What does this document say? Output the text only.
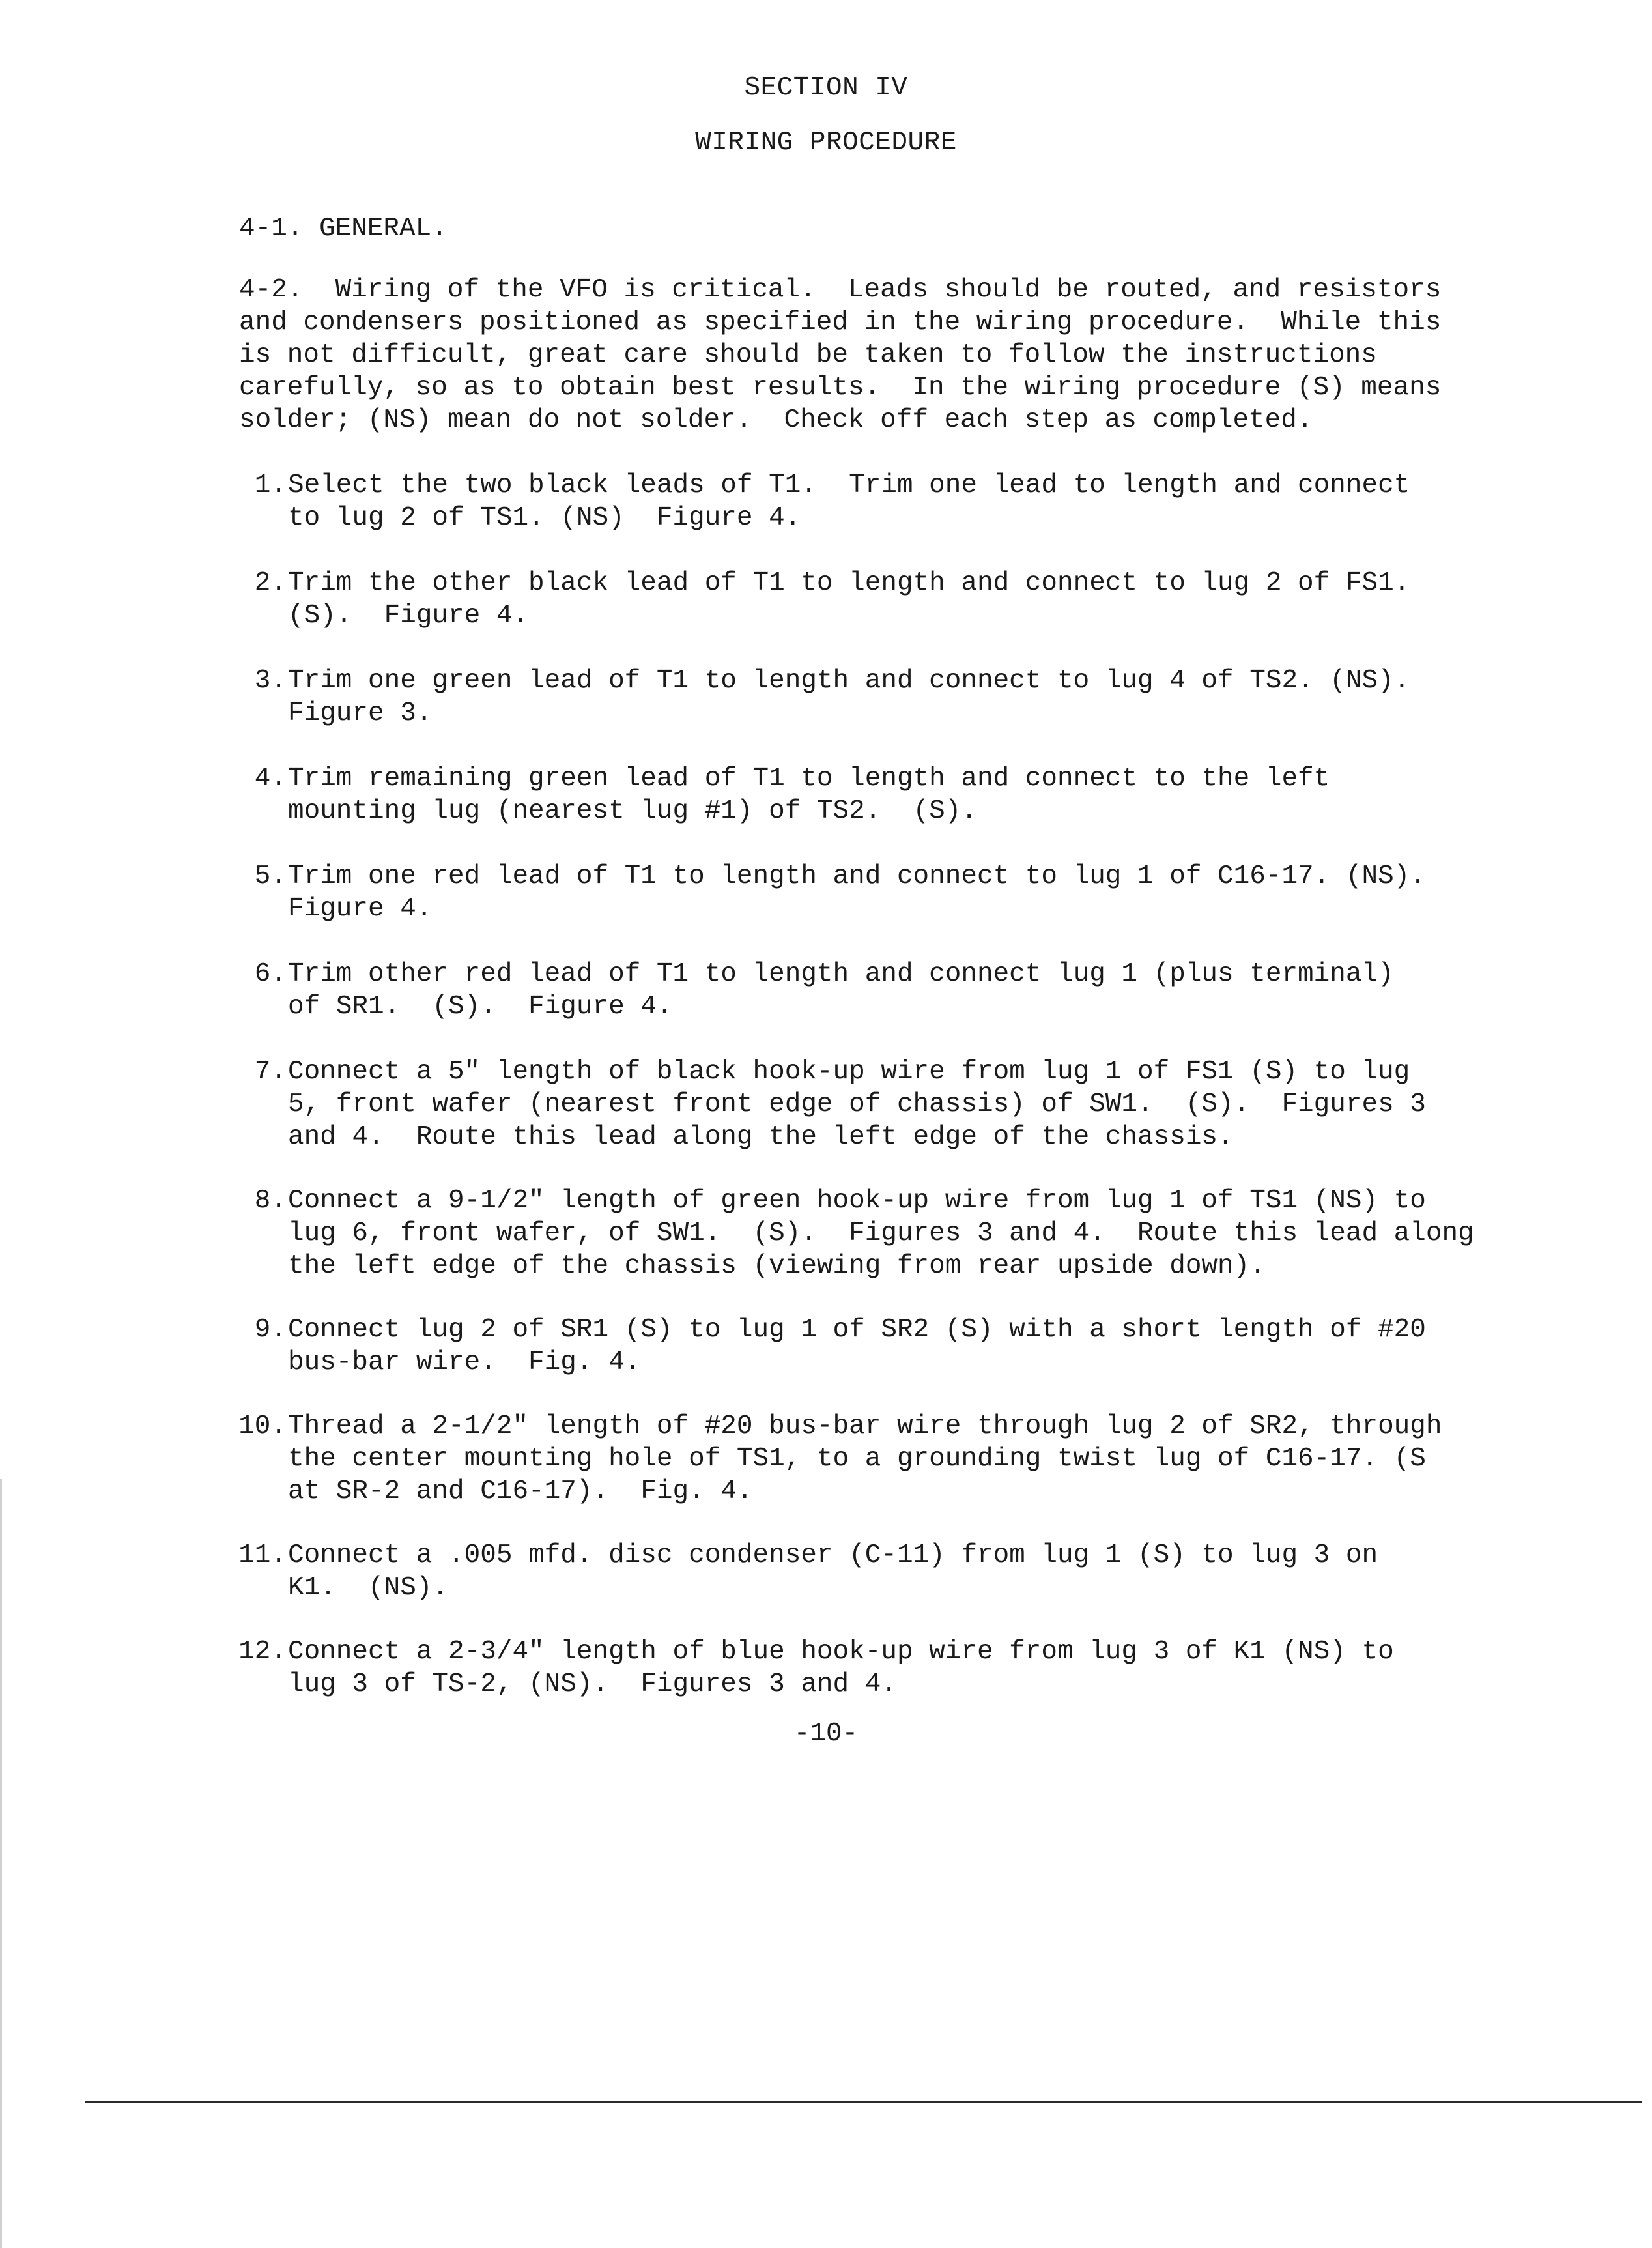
SECTION IV
WIRING PROCEDURE
4-1. GENERAL.
4-2.  Wiring of the VFO is critical.  Leads should be routed, and resistors
and condensers positioned as specified in the wiring procedure.  While this
is not difficult, great care should be taken to follow the instructions
carefully, so as to obtain best results.  In the wiring procedure (S) means
solder; (NS) mean do not solder.  Check off each step as completed.
1. Select the two black leads of T1.  Trim one lead to length and connect
to lug 2 of TS1. (NS)  Figure 4.
2. Trim the other black lead of T1 to length and connect to lug 2 of FS1.
(S).  Figure 4.
3. Trim one green lead of T1 to length and connect to lug 4 of TS2. (NS).
Figure 3.
4. Trim remaining green lead of T1 to length and connect to the left
mounting lug (nearest lug #1) of TS2.  (S).
5. Trim one red lead of T1 to length and connect to lug 1 of C16-17. (NS).
Figure 4.
6. Trim other red lead of T1 to length and connect lug 1 (plus terminal)
of SR1.  (S).  Figure 4.
7. Connect a 5" length of black hook-up wire from lug 1 of FS1 (S) to lug
5, front wafer (nearest front edge of chassis) of SW1.  (S).  Figures 3
and 4.  Route this lead along the left edge of the chassis.
8. Connect a 9-1/2" length of green hook-up wire from lug 1 of TS1 (NS) to
lug 6, front wafer, of SW1.  (S).  Figures 3 and 4.  Route this lead along
the left edge of the chassis (viewing from rear upside down).
9. Connect lug 2 of SR1 (S) to lug 1 of SR2 (S) with a short length of #20
bus-bar wire.  Fig. 4.
10. Thread a 2-1/2" length of #20 bus-bar wire through lug 2 of SR2, through
the center mounting hole of TS1, to a grounding twist lug of C16-17. (S
at SR-2 and C16-17).  Fig. 4.
11. Connect a .005 mfd. disc condenser (C-11) from lug 1 (S) to lug 3 on
K1.  (NS).
12. Connect a 2-3/4" length of blue hook-up wire from lug 3 of K1 (NS) to
lug 3 of TS-2, (NS).  Figures 3 and 4.
-10-
